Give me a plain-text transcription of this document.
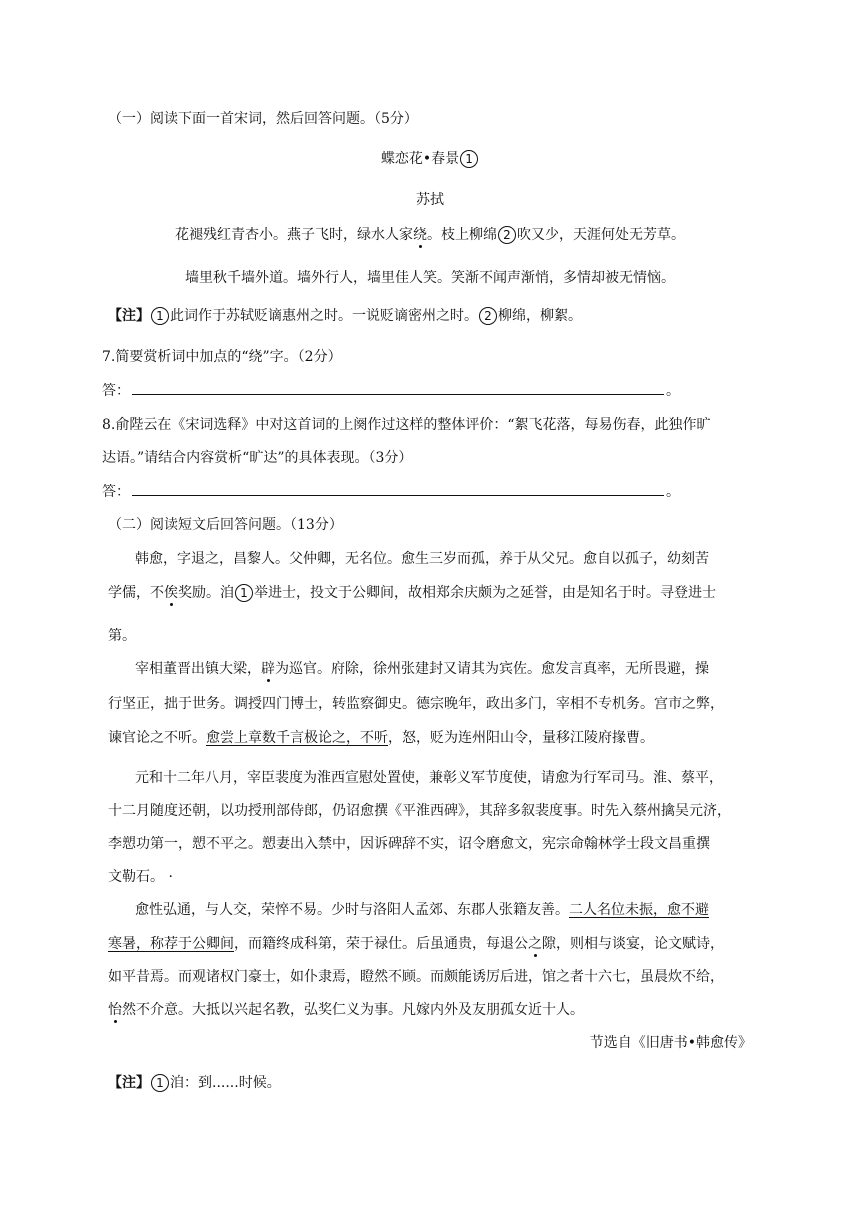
（一）阅读下面一首宋词，然后回答问题。（5分）
蝶恋花•春景 1
苏拭
花褪残红青杏小。燕子飞时，绿水人家绕。枝上柳绵 2 吹又少，天涯何处无芳草。
墙里秋千墙外道。墙外行人，墙里佳人笑。笑渐不闻声渐悄，多情却被无情恼。
【注】 1 此词作于苏轼贬谪惠州之时。一说贬谪密州之时。 2 柳绵，柳絮。
7.简要赏析词中加点的“绕”字。（2分）
答：	。
8.俞陛云在《宋词选释》中对这首词的上阕作过这样的整体评价：“絮飞花落，每易伤春，此独作旷
达语。”请结合内容赏析“旷达”的具体表现。（3分）
答：	。
（二）阅读短文后回答问题。（13分）
韩愈，字退之，昌黎人。父仲卿，无名位。愈生三岁而孤，养于从父兄。愈自以孤子，幼刻苦
学儒，不俟奖励。洎 1 举进士，投文于公卿间，故相郑余庆颇为之延誉，由是知名于时。寻登进士
第。
宰相董晋出镇大梁，辟为巡官。府除，徐州张建封又请其为宾佐。愈发言真率，无所畏避，操
行坚正，拙于世务。调授四门博士，转监察御史。德宗晚年，政出多门，宰相不专机务。宫市之弊，
谏官论之不听。愈尝上章数千言极论之，不听，怒，贬为连州阳山令，量移江陵府掾曹。
元和十二年八月，宰臣裴度为淮西宣慰处置使，兼彰义军节度使，请愈为行军司马。淮、蔡平，
十二月随度还朝，以功授刑部侍郎，仍诏愈撰《平淮西碑》，其辞多叙裴度事。时先入蔡州擒吴元济，
李愬功第一，愬不平之。愬妻出入禁中，因诉碑辞不实，诏令磨愈文，宪宗命翰林学士段文昌重撰
文勒石。 ·
愈性弘通，与人交，荣悴不易。少时与洛阳人孟郊、东郡人张籍友善。二人名位未振，愈不避
寒暑，称荐于公卿间，而籍终成科第，荣于禄仕。后虽通贵，每退公之隙，则相与谈宴，论文赋诗，
如平昔焉。而观诸权门豪士，如仆隶焉，瞪然不顾。而颇能诱厉后进，馆之者十六七，虽晨炊不给，
怡然不介意。大抵以兴起名教，弘奖仁义为事。凡嫁内外及友朋孤女近十人。
节选自《旧唐书•韩愈传》
【注】 1 洎：到......时候。
